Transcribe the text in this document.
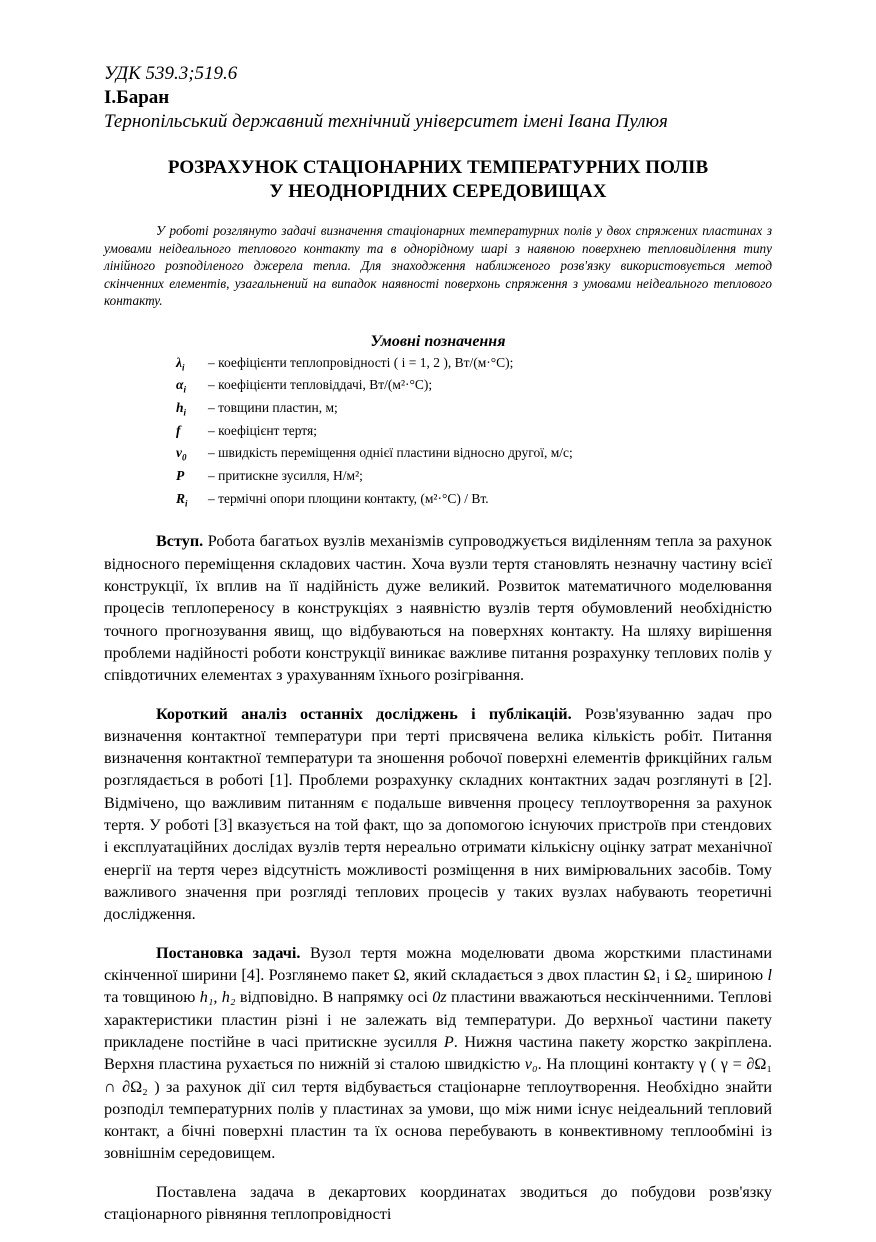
УДК 539.3;519.6
І.Баран
Тернопільський державний технічний університет імені Івана Пулюя
РОЗРАХУНОК СТАЦІОНАРНИХ ТЕМПЕРАТУРНИХ ПОЛІВ
У НЕОДНОРІДНИХ СЕРЕДОВИЩАХ
У роботі розглянуто задачі визначення стаціонарних температурних полів у двох спряжених пластинах з умовами неідеального теплового контакту та в однорідному шарі з наявною поверхнею тепловиділення типу лінійного розподіленого джерела тепла. Для знаходження наближеного розв'язку використовується метод скінченних елементів, узагальнений на випадок наявності поверхонь спряження з умовами неідеального теплового контакту.
Умовні позначення
$\lambda_i$	– коефіцієнти теплопровідності ( i = 1, 2 ), Вт/(м·°С);
$\alpha_i$	– коефіцієнти тепловіддачі, Вт/(м²·°С);
$h_i$	– товщини пластин, м;
f	– коефіцієнт тертя;
$v_0$	– швидкість переміщення однієї пластини відносно другої, м/с;
P	– притискне зусилля, Н/м²;
$R_i$	– термічні опори площини контакту, (м²·°С) / Вт.

Вступ. Робота багатьох вузлів механізмів супроводжується виділенням тепла за рахунок відносного переміщення складових частин. Хоча вузли тертя становлять незначну частину всієї конструкції, їх вплив на її надійність дуже великий. Розвиток математичного моделювання процесів теплопереносу в конструкціях з наявністю вузлів тертя обумовлений необхідністю точного прогнозування явищ, що відбуваються на поверхнях контакту. На шляху вирішення проблеми надійності роботи конструкції виникає важливе питання розрахунку теплових полів у співдотичних елементах з урахуванням їхнього розігрівання.

Короткий аналіз останніх досліджень і публікацій. Розв'язуванню задач про визначення контактної температури при терті присвячена велика кількість робіт. Питання визначення контактної температури та зношення робочої поверхні елементів фрикційних гальм розглядається в роботі [1]. Проблеми розрахунку складних контактних задач розглянуті в [2]. Відмічено, що важливим питанням є подальше вивчення процесу теплоутворення за рахунок тертя. У роботі [3] вказується на той факт, що за допомогою існуючих пристроїв при стендових і експлуатаційних дослідах вузлів тертя нереально отримати кількісну оцінку затрат механічної енергії на тертя через відсутність можливості розміщення в них вимірювальних засобів. Тому важливого значення при розгляді теплових процесів у таких вузлах набувають теоретичні дослідження.

Постановка задачі. Вузол тертя можна моделювати двома жорсткими пластинами скінченної ширини [4]. Розглянемо пакет Ω, який складається з двох пластин Ω₁ і Ω₂ шириною l та товщиною h₁, h₂ відповідно. В напрямку осі 0z пластини вважаються нескінченними. Теплові характеристики пластин різні і не залежать від температури. До верхньої частини пакету прикладене постійне в часі притискне зусилля P. Нижня частина пакету жорстко закріплена. Верхня пластина рухається по нижній зі сталою швидкістю v₀. На площині контакту γ ( γ = ∂Ω₁ ∩ ∂Ω₂ ) за рахунок дії сил тертя відбувається стаціонарне теплоутворення. Необхідно знайти розподіл температурних полів у пластинах за умови, що між ними існує неідеальний тепловий контакт, а бічні поверхні пластин та їх основа перебувають в конвективному теплообміні із зовнішнім середовищем.

Поставлена задача в декартових координатах зводиться до побудови розв'язку стаціонарного рівняння теплопровідності
